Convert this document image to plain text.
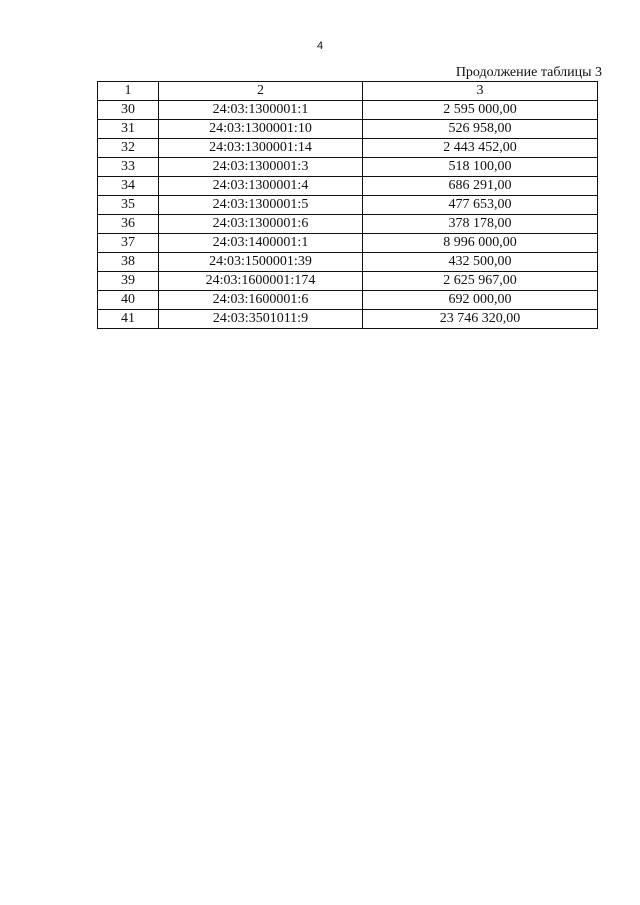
4
Продолжение таблицы 3
1	2	3
30	24:03:1300001:1	2 595 000,00
31	24:03:1300001:10	526 958,00
32	24:03:1300001:14	2 443 452,00
33	24:03:1300001:3	518 100,00
34	24:03:1300001:4	686 291,00
35	24:03:1300001:5	477 653,00
36	24:03:1300001:6	378 178,00
37	24:03:1400001:1	8 996 000,00
38	24:03:1500001:39	432 500,00
39	24:03:1600001:174	2 625 967,00
40	24:03:1600001:6	692 000,00
41	24:03:3501011:9	23 746 320,00
